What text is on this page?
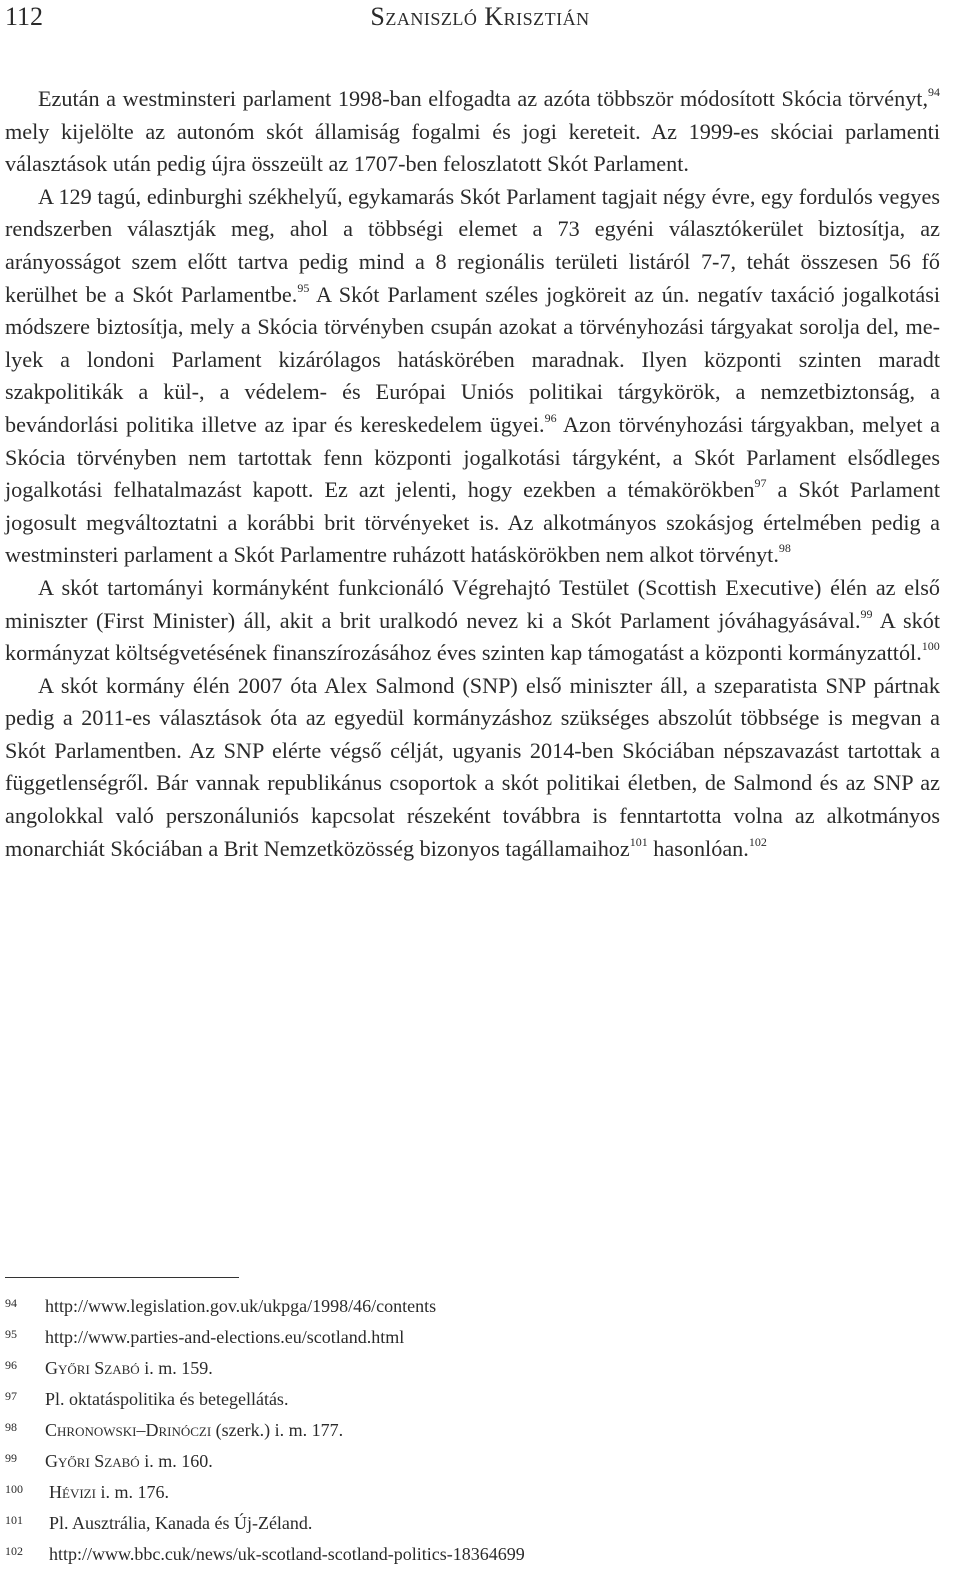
112	Szaniszló Krisztián

Ezután a westminsteri parlament 1998-ban elfogadta az azóta többször módosított Skócia törvényt,$^{94}$ mely kijelölte az autonóm skót államiság fogalmi és jogi kereteit. Az 1999-es skóciai parlamenti választások után pedig újra összeült az 1707-ben feloszlatott Skót Parlament.

A 129 tagú, edinburghi székhelyű, egykamarás Skót Parlament tagjait négy évre, egy fordulós vegyes rendszerben választják meg, ahol a többségi elemet a 73 egyéni választókerület biztosítja, az arányosságot szem előtt tartva pedig mind a 8 regionális területi listáról 7-7, tehát összesen 56 fő kerülhet be a Skót Parlamentbe.$^{95}$ A Skót Parlament széles jogköreit az ún. negatív taxáció jogalkotási módszere biztosítja, mely a Skócia törvényben csupán azokat a törvényhozási tárgyakat sorolja del, melyek a londoni Parlament kizárólagos hatáskörében maradnak. Ilyen központi szinten maradt szakpolitikák a kül-, a védelem- és Európai Uniós politikai tárgykörök, a nemzetbiztonság, a bevándorlási politika illetve az ipar és kereskedelem ügyei.$^{96}$ Azon törvényhozási tárgyakban, melyet a Skócia törvényben nem tartottak fenn központi jogalkotási tárgyként, a Skót Parlament elsődleges jogalkotási felhatalmazást kapott. Ez azt jelenti, hogy ezekben a témakörökben$^{97}$ a Skót Parlament jogosult megváltoztatni a korábbi brit törvényeket is. Az alkotmányos szokásjog értelmében pedig a westminsteri parlament a Skót Parlamentre ruházott hatáskörökben nem alkot törvényt.$^{98}$

A skót tartományi kormányként funkcionáló Végrehajtó Testület (Scottish Executive) élén az első miniszter (First Minister) áll, akit a brit uralkodó nevez ki a Skót Parlament jóváhagyásával.$^{99}$ A skót kormányzat költségvetésének finanszírozásához éves szinten kap támogatást a központi kormányzattól.$^{100}$

A skót kormány élén 2007 óta Alex Salmond (SNP) első miniszter áll, a szeparatista SNP pártnak pedig a 2011-es választások óta az egyedül kormányzáshoz szükséges abszolút többsége is megvan a Skót Parlamentben. Az SNP elérte végső célját, ugyanis 2014-ben Skóciában népszavazást tartottak a függetlenségről. Bár vannak republikánus csoportok a skót politikai életben, de Salmond és az SNP az angolokkal való perszonáluniós kapcsolat részeként továbbra is fenntartotta volna az alkotmányos monarchiát Skóciában a Brit Nemzetközösség bizonyos tagállamaihoz$^{101}$ hasonlóan.$^{102}$

94 http://www.legislation.gov.uk/ukpga/1998/46/contents
95 http://www.parties-and-elections.eu/scotland.html
96 Győri Szabó i. m. 159.
97 Pl. oktatáspolitika és betegellátás.
98 Chronowski–Drinóczi (szerk.) i. m. 177.
99 Győri Szabó i. m. 160.
100 Hévizi i. m. 176.
101 Pl. Ausztrália, Kanada és Új-Zéland.
102 http://www.bbc.cuk/news/uk-scotland-scotland-politics-18364699
